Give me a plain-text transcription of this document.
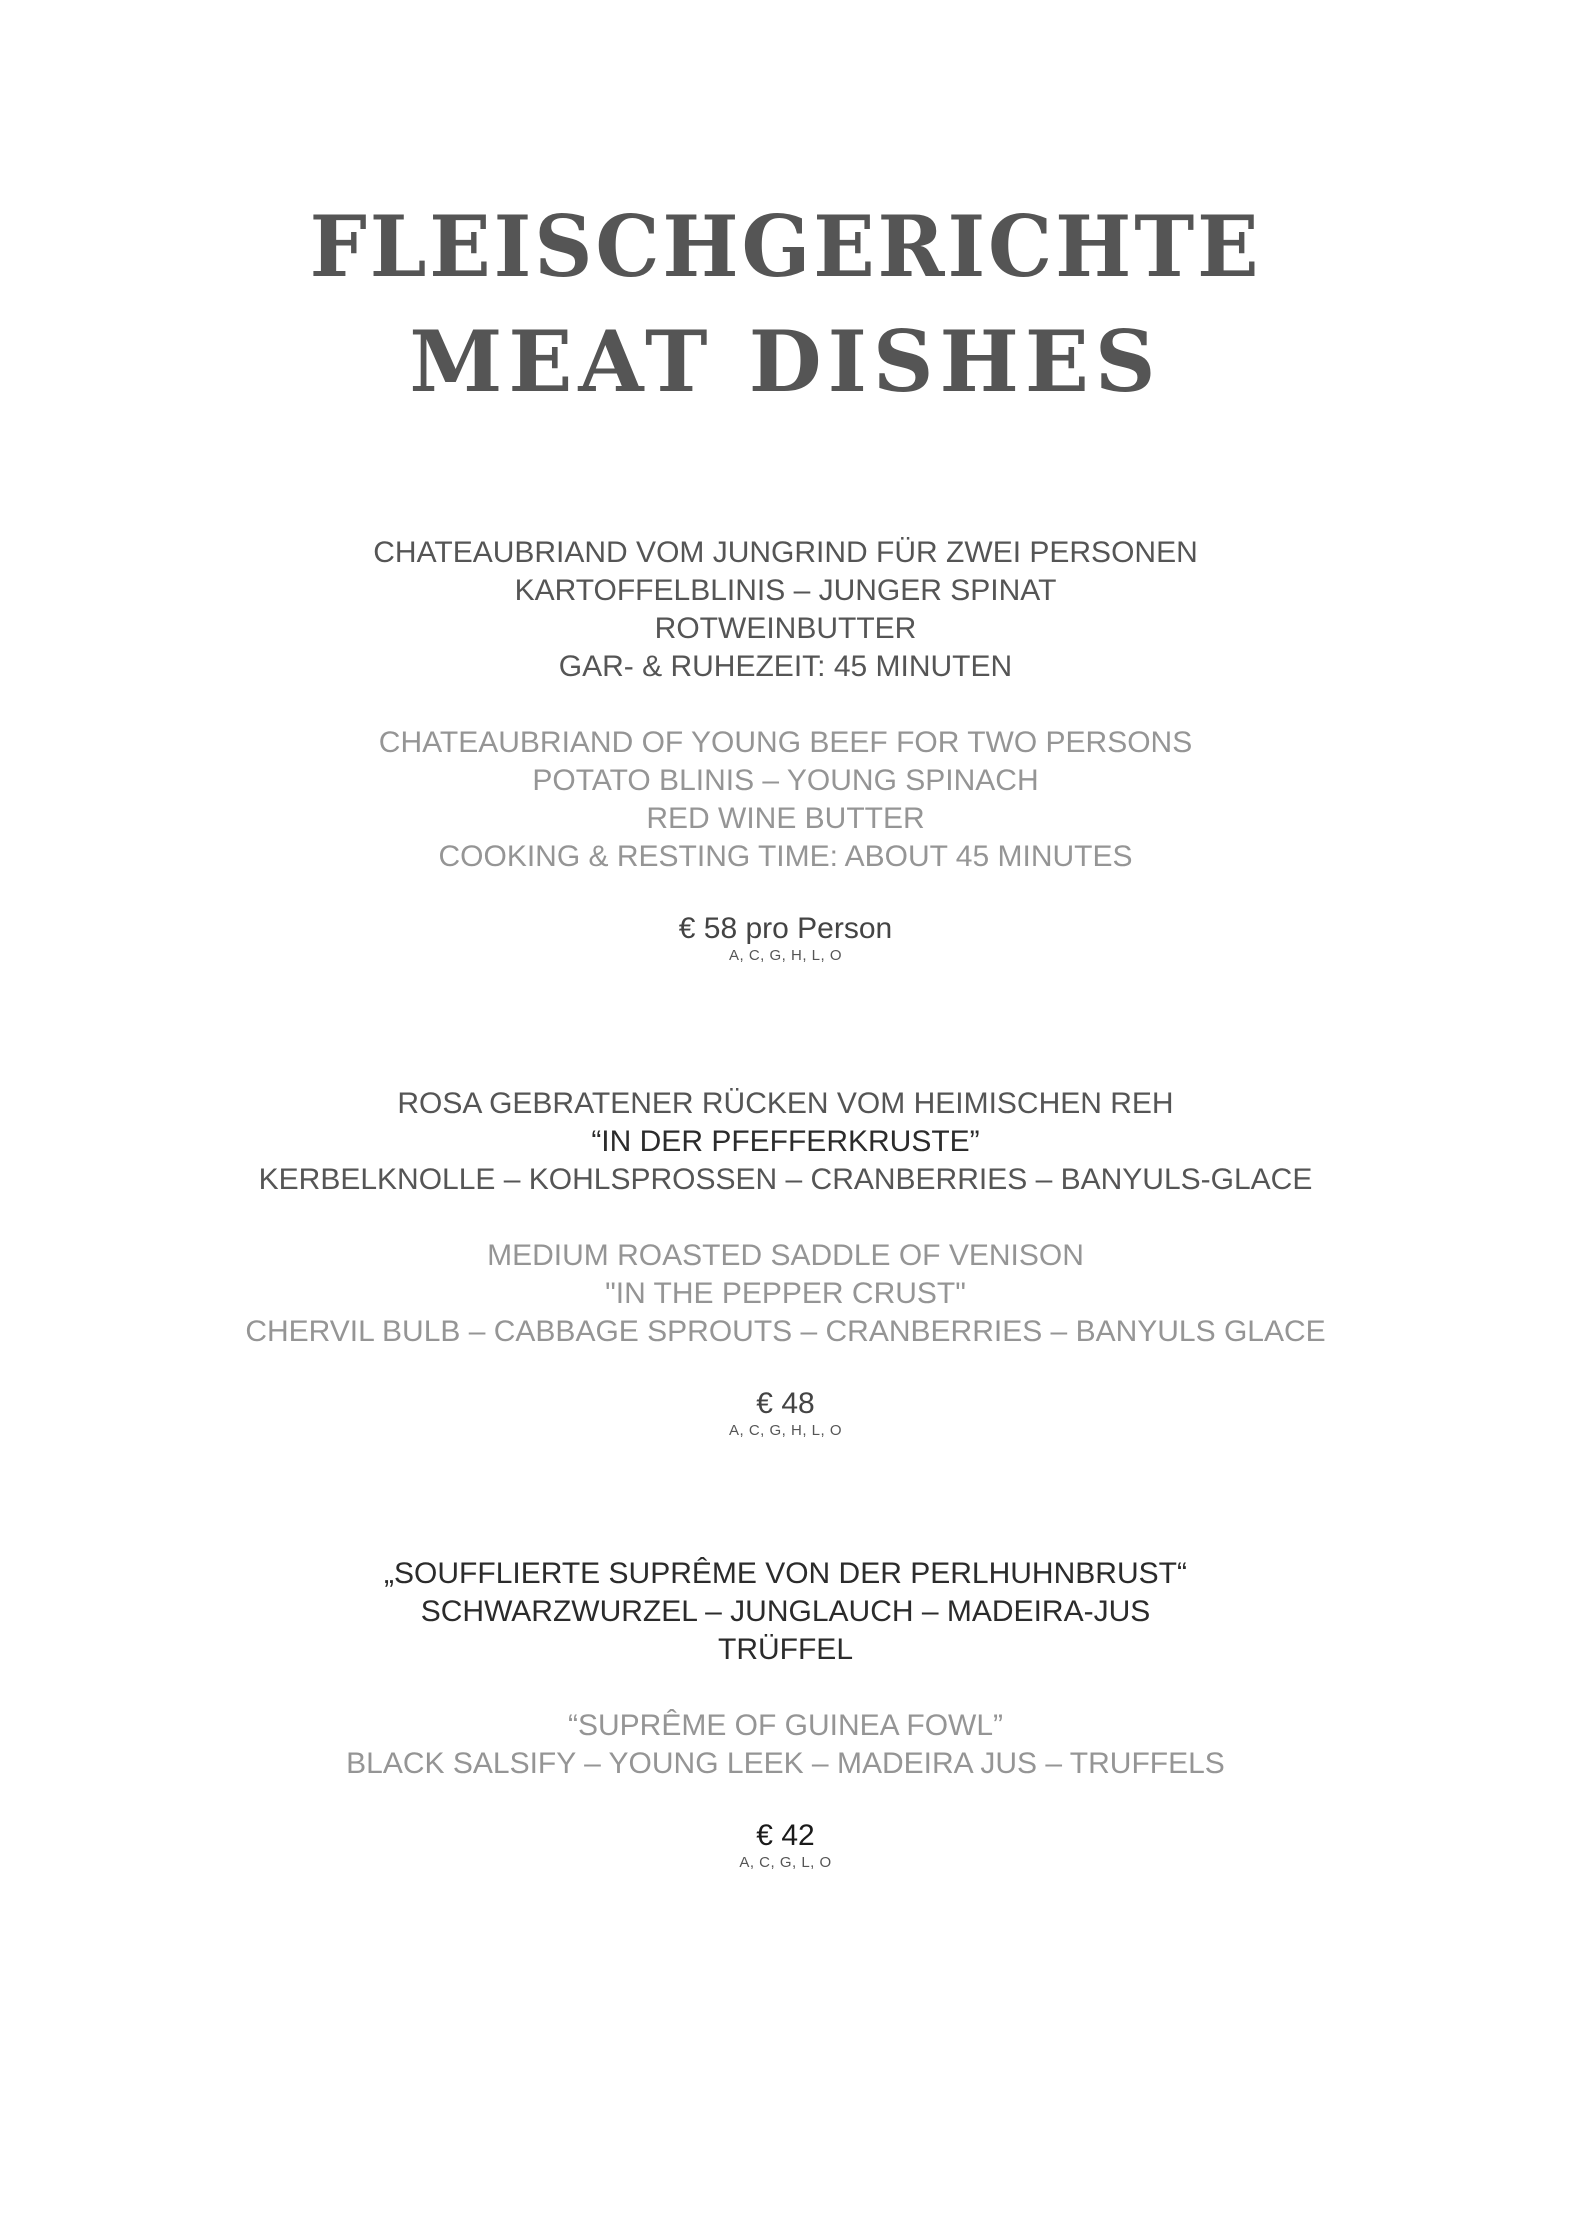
FLEISCHGERICHTE
MEAT DISHES

CHATEAUBRIAND VOM JUNGRIND FÜR ZWEI PERSONEN

KARTOFFELBLINIS – JUNGER SPINAT

ROTWEINBUTTER

GAR- & RUHEZEIT: 45 MINUTEN

CHATEAUBRIAND OF YOUNG BEEF FOR TWO PERSONS

POTATO BLINIS – YOUNG SPINACH

RED WINE BUTTER

COOKING & RESTING TIME: ABOUT 45 MINUTES

€ 58 pro Person
A, C, G, H, L, O

ROSA GEBRATENER RÜCKEN VOM HEIMISCHEN REH

“IN DER PFEFFERKRUSTE”

KERBELKNOLLE – KOHLSPROSSEN – CRANBERRIES – BANYULS-GLACE

MEDIUM ROASTED SADDLE OF VENISON

"IN THE PEPPER CRUST"

CHERVIL BULB – CABBAGE SPROUTS – CRANBERRIES – BANYULS GLACE

€ 48
A, C, G, H, L, O

„SOUFFLIERTE SUPRÊME VON DER PERLHUHNBRUST“

SCHWARZWURZEL – JUNGLAUCH – MADEIRA-JUS

TRÜFFEL

“SUPRÊME OF GUINEA FOWL”

BLACK SALSIFY – YOUNG LEEK – MADEIRA JUS – TRUFFELS

€ 42
A, C, G, L, O
